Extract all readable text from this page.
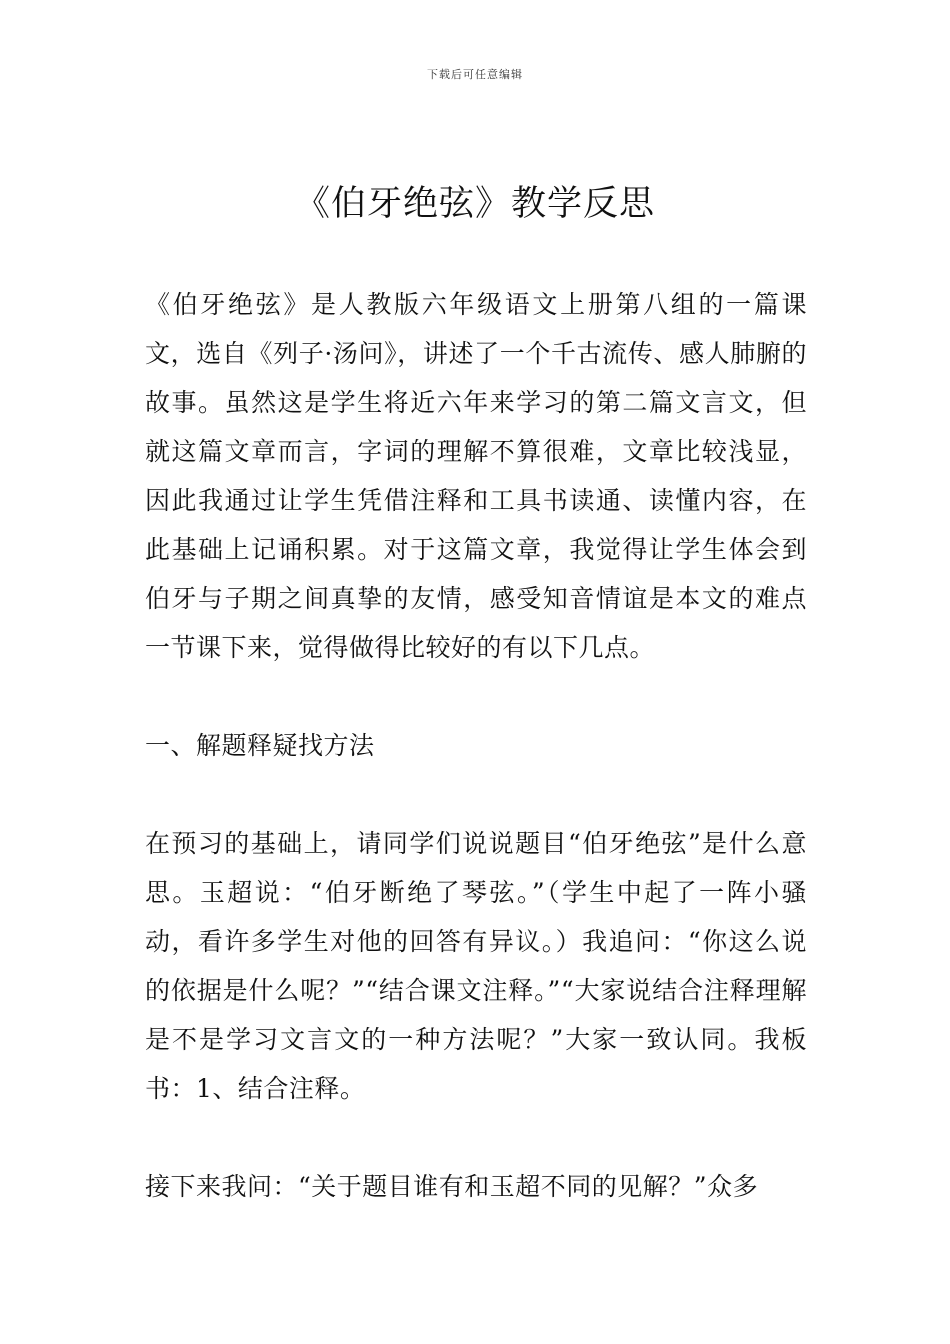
下载后可任意编辑
《伯牙绝弦》教学反思

《伯牙绝弦》是人教版六年级语文上册第八组的一篇课文，选自《列子·汤问》，讲述了一个千古流传、感人肺腑的故事。虽然这是学生将近六年来学习的第二篇文言文，但就这篇文章而言，字词的理解不算很难，文章比较浅显，因此我通过让学生凭借注释和工具书读通、读懂内容，在此基础上记诵积累。对于这篇文章，我觉得让学生体会到伯牙与子期之间真挚的友情，感受知音情谊是本文的难点一节课下来，觉得做得比较好的有以下几点。

一、解题释疑找方法

在预习的基础上，请同学们说说题目“伯牙绝弦”是什么意思。玉超说：“伯牙断绝了琴弦。”（学生中起了一阵小骚动，看许多学生对他的回答有异议。）我追问：“你这么说的依据是什么呢？”“结合课文注释。”“大家说结合注释理解是不是学习文言文的一种方法呢？”大家一致认同。我板书：1、结合注释。

接下来我问：“关于题目谁有和玉超不同的见解？”众多
